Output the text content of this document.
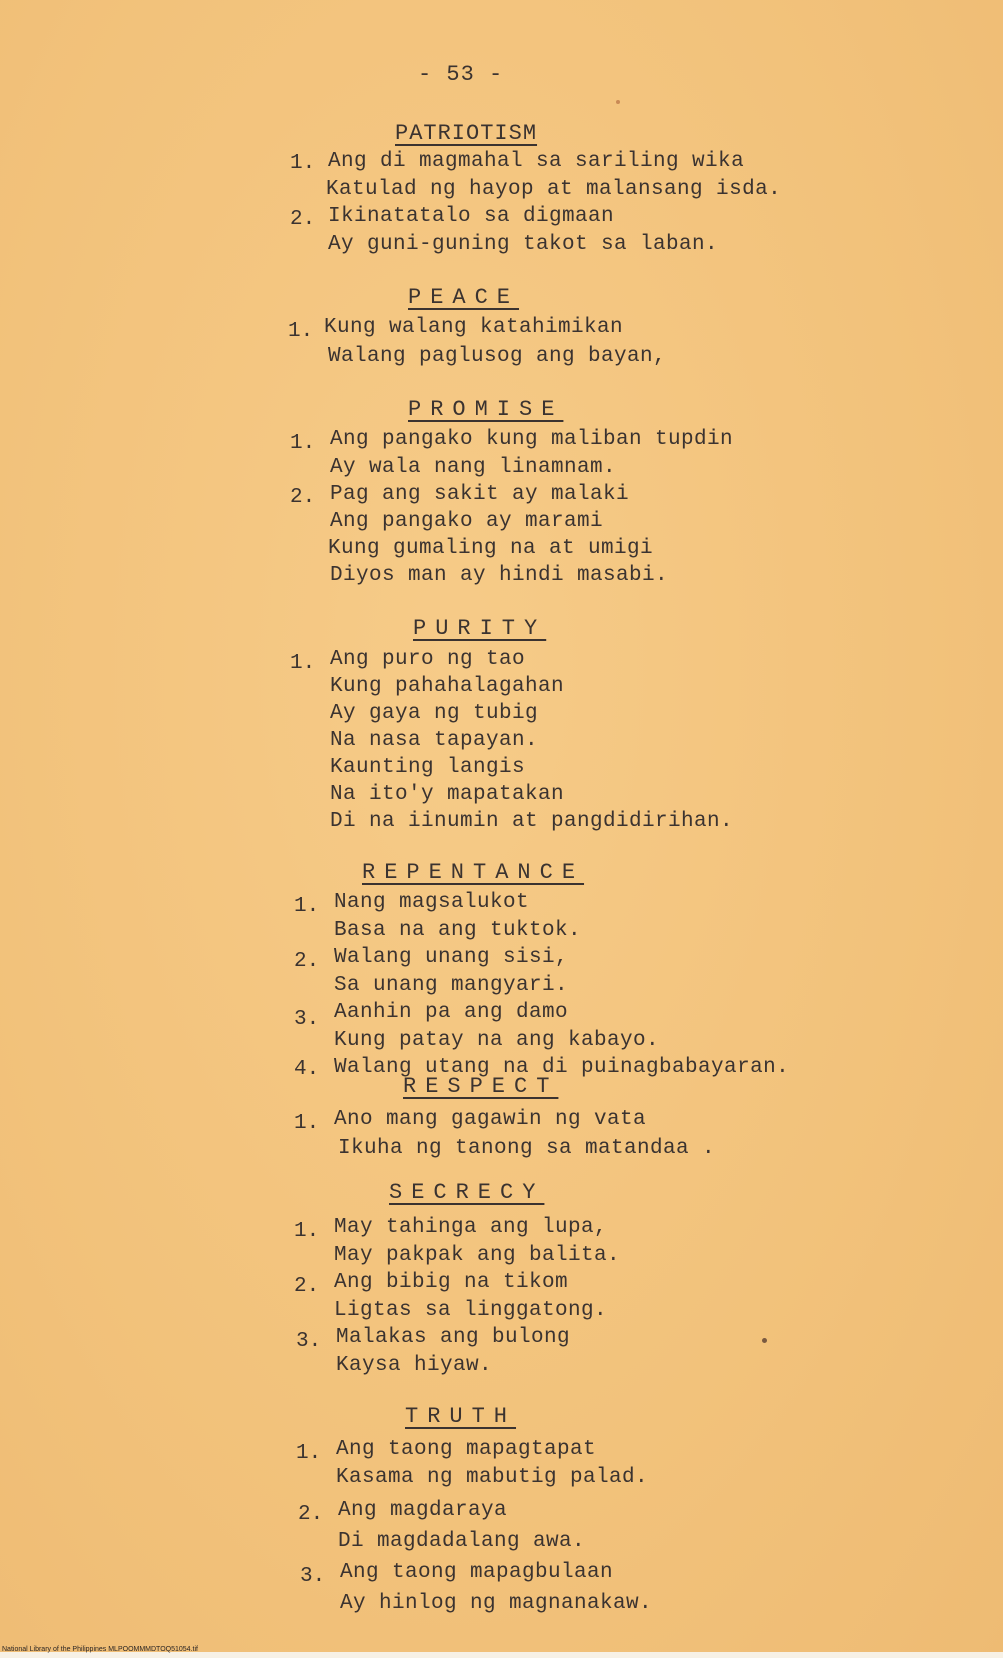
- 53 -
PATRIOTISM
1. Ang di magmahal sa sariling wika
Katulad ng hayop at malansang isda.
2. Ikinatatalo sa digmaan
Ay guni-guning takot sa laban.
PEACE
1. Kung walang katahimikan
Walang paglusog ang bayan,
PROMISE
1. Ang pangako kung maliban tupdin
Ay wala nang linamnam.
2. Pag ang sakit ay malaki
Ang pangako ay marami
Kung gumaling na at umigi
Diyos man ay hindi masabi.
PURITY
1. Ang puro ng tao
Kung pahahalagahan
Ay gaya ng tubig
Na nasa tapayan.
Kaunting langis
Na ito'y mapatakan
Di na iinumin at pangdidirihan.
REPENTANCE
1. Nang magsalukot
Basa na ang tuktok.
2. Walang unang sisi,
Sa unang mangyari.
3. Aanhin pa ang damo
Kung patay na ang kabayo.
4. Walang utang na di puinagbabayaran.
RESPECT
1. Ano mang gagawin ng vata
Ikuha ng tanong sa matandaa .
SECRECY
1. May tahinga ang lupa,
May pakpak ang balita.
2. Ang bibig na tikom
Ligtas sa linggatong.
3. Malakas ang bulong
Kaysa hiyaw.
TRUTH
1. Ang taong mapagtapat
Kasama ng mabutig palad.
2. Ang magdaraya
Di magdadalang awa.
3. Ang taong mapagbulaan
Ay hinlog ng magnanakaw.
National Library of the Philippines MLPOOMMMDTOQ51054.tif
